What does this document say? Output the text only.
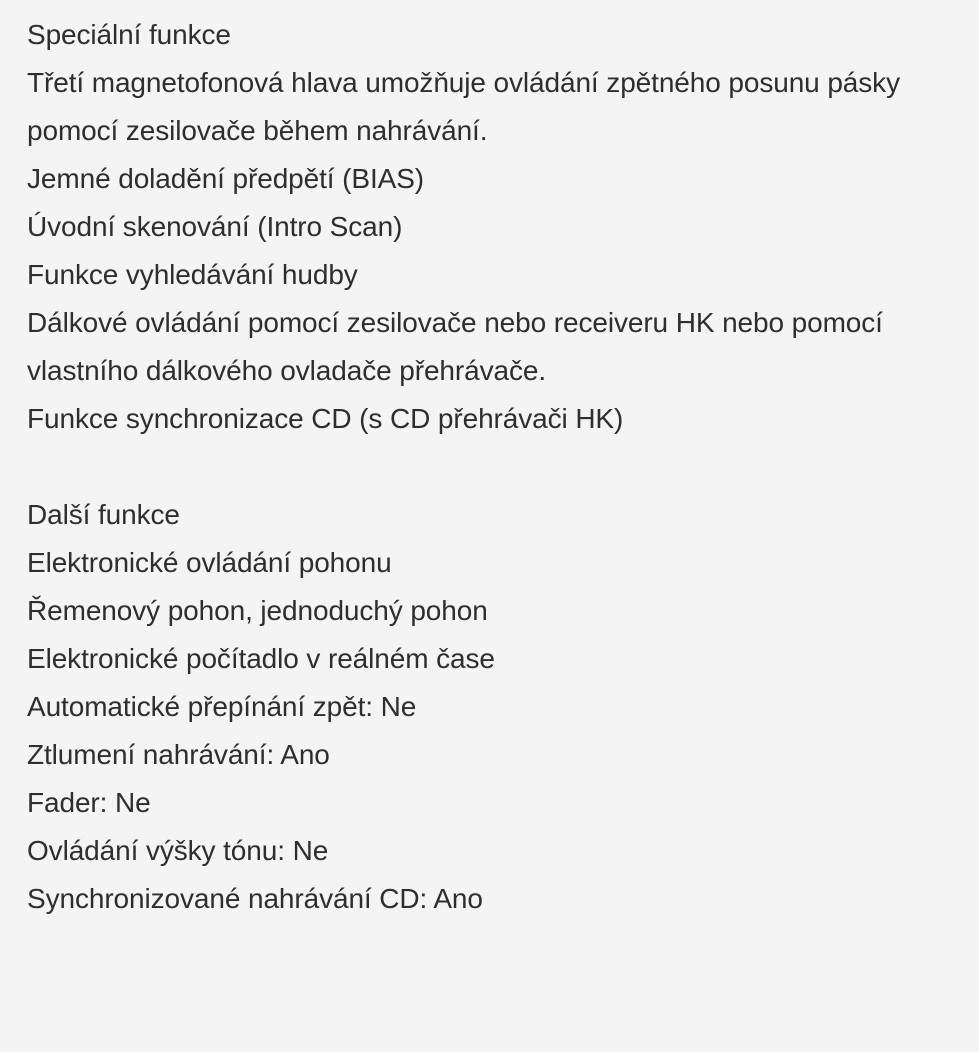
Speciální funkce
Třetí magnetofonová hlava umožňuje ovládání zpětného posunu pásky pomocí zesilovače během nahrávání.
Jemné doladění předpětí (BIAS)
Úvodní skenování (Intro Scan)
Funkce vyhledávání hudby
Dálkové ovládání pomocí zesilovače nebo receiveru HK nebo pomocí vlastního dálkového ovladače přehrávače.
Funkce synchronizace CD (s CD přehrávači HK)
Další funkce
Elektronické ovládání pohonu
Řemenový pohon, jednoduchý pohon
Elektronické počítadlo v reálném čase
Automatické přepínání zpět: Ne
Ztlumení nahrávání: Ano
Fader: Ne
Ovládání výšky tónu: Ne
Synchronizované nahrávání CD: Ano
